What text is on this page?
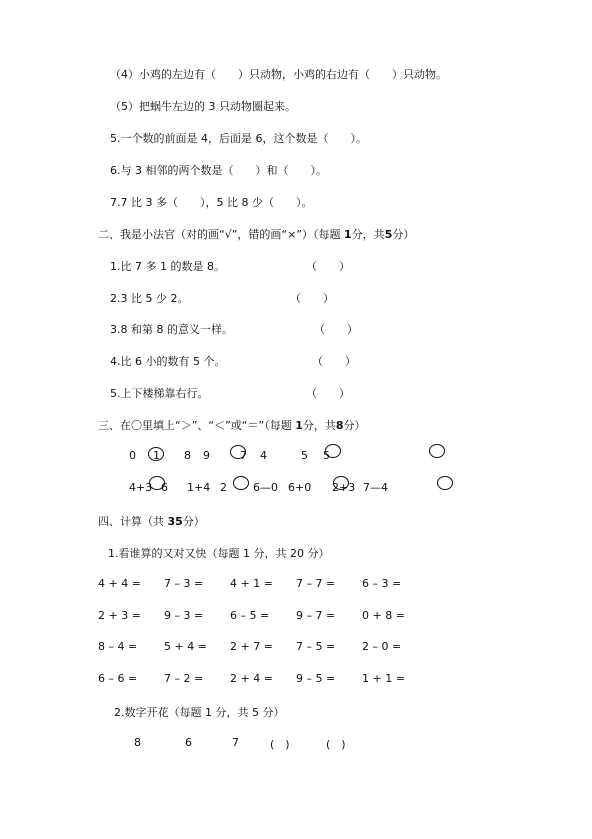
（4）小鸡的左边有（　　）只动物，小鸡的右边有（　　）只动物。
（5）把蜗牛左边的 3 只动物圈起来。
5.一个数的前面是 4，后面是 6，这个数是（　　）。
6.与 3 相邻的两个数是（　　）和（　　）。
7.7 比 3 多（　　），5 比 8 少（　　）。
二、我是小法官（对的画“√”，错的画“×”）（每题 1分，共5分）
1.比 7 多 1 的数是 8。	（　　）
2.3 比 5 少 2。	（　　）
3.8 和第 8 的意义一样。	（　　）
4.比 6 小的数有 5 个。	（　　）
5.上下楼梯靠右行。	（　　）
三、在〇里填上“＞”、“＜”或“＝”（每题 1分，共8分）
0 1 8 9	7 4	5 5
4+3 6 1+4 2 6—0 6+0 2+3 7—4
四、计算（共 35分）
1.看谁算的又对又快（每题 1 分，共 20 分）
4 + 4 = 7 – 3 = 4 + 1 = 7 – 7 = 6 – 3 =
2 + 3 = 9 – 3 = 6 – 5 = 9 – 7 = 0 + 8 =
8 – 4 = 5 + 4 = 2 + 7 = 7 – 5 = 2 – 0 =
6 – 6 = 7 – 2 = 2 + 4 = 9 – 5 = 1 + 1 =
2.数字开花（每题 1 分，共 5 分）
8	6	7	(　)	(　)
